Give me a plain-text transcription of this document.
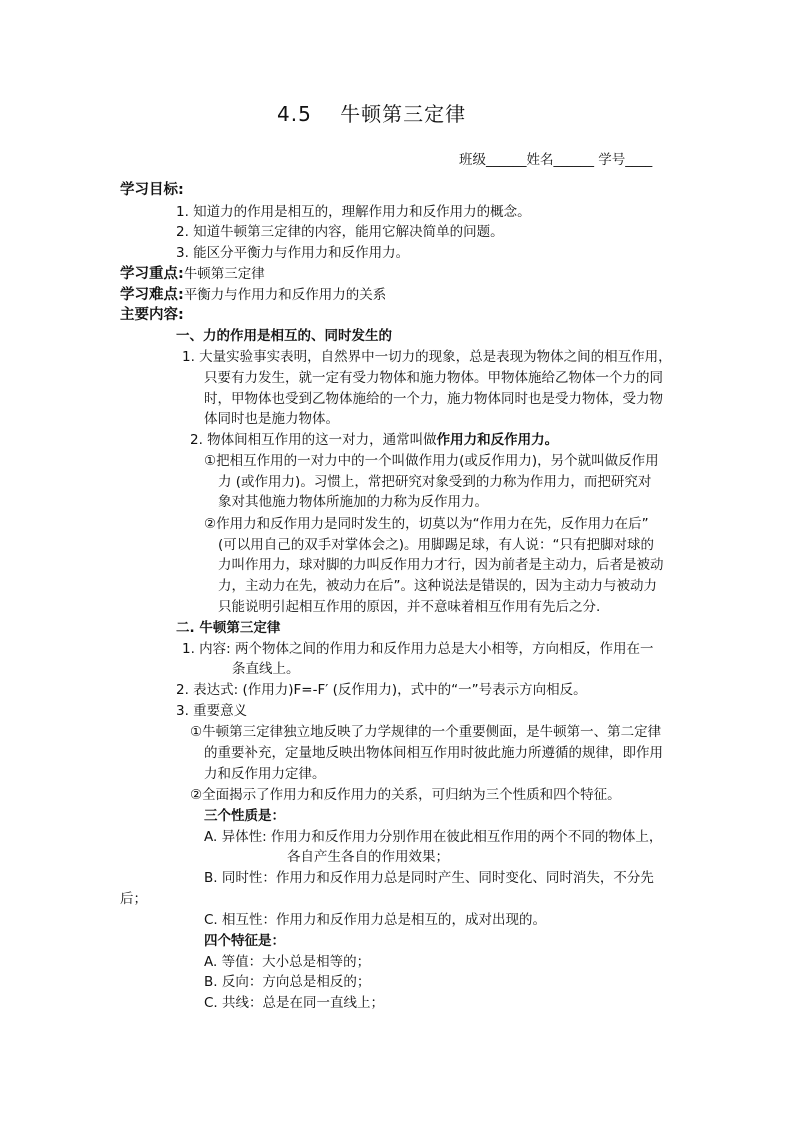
4.5　 牛顿第三定律
班级______姓名______ 学号____
学习目标:
1. 知道力的作用是相互的，理解作用力和反作用力的概念。
2. 知道牛顿第三定律的内容，能用它解决简单的问题。
3. 能区分平衡力与作用力和反作用力。
学习重点:牛顿第三定律
学习难点:平衡力与作用力和反作用力的关系
主要内容:
一、力的作用是相互的、同时发生的
1. 大量实验事实表明，自然界中一切力的现象，总是表现为物体之间的相互作用，
只要有力发生，就一定有受力物体和施力物体。甲物体施给乙物体一个力的同
时，甲物体也受到乙物体施给的一个力，施力物体同时也是受力物体，受力物
体同时也是施力物体。
2. 物体间相互作用的这一对力，通常叫做作用力和反作用力。
①把相互作用的一对力中的一个叫做作用力(或反作用力)，另个就叫做反作用
力 (或作用力)。习惯上，常把研究对象受到的力称为作用力，而把研究对
象对其他施力物体所施加的力称为反作用力。
②作用力和反作用力是同时发生的，切莫以为“作用力在先，反作用力在后”
(可以用自己的双手对掌体会之)。用脚踢足球，有人说：“只有把脚对球的
力叫作用力，球对脚的力叫反作用力才行，因为前者是主动力，后者是被动
力，主动力在先，被动力在后”。这种说法是错误的，因为主动力与被动力
只能说明引起相互作用的原因，并不意味着相互作用有先后之分.
二. 牛顿第三定律
1. 内容: 两个物体之间的作用力和反作用力总是大小相等，方向相反，作用在一
条直线上。
2. 表达式: (作用力)F=-F′ (反作用力)，式中的“一”号表示方向相反。
3. 重要意义
①牛顿第三定律独立地反映了力学规律的一个重要侧面，是牛顿第一、第二定律
的重要补充，定量地反映出物体间相互作用时彼此施力所遵循的规律，即作用
力和反作用力定律。
②全面揭示了作用力和反作用力的关系，可归纳为三个性质和四个特征。
三个性质是：
A. 异体性: 作用力和反作用力分别作用在彼此相互作用的两个不同的物体上，
各自产生各自的作用效果；
B. 同时性：作用力和反作用力总是同时产生、同时变化、同时消失，不分先
后；
C. 相互性：作用力和反作用力总是相互的，成对出现的。
四个特征是：
A. 等值：大小总是相等的；
B. 反向：方向总是相反的；
C. 共线：总是在同一直线上；
